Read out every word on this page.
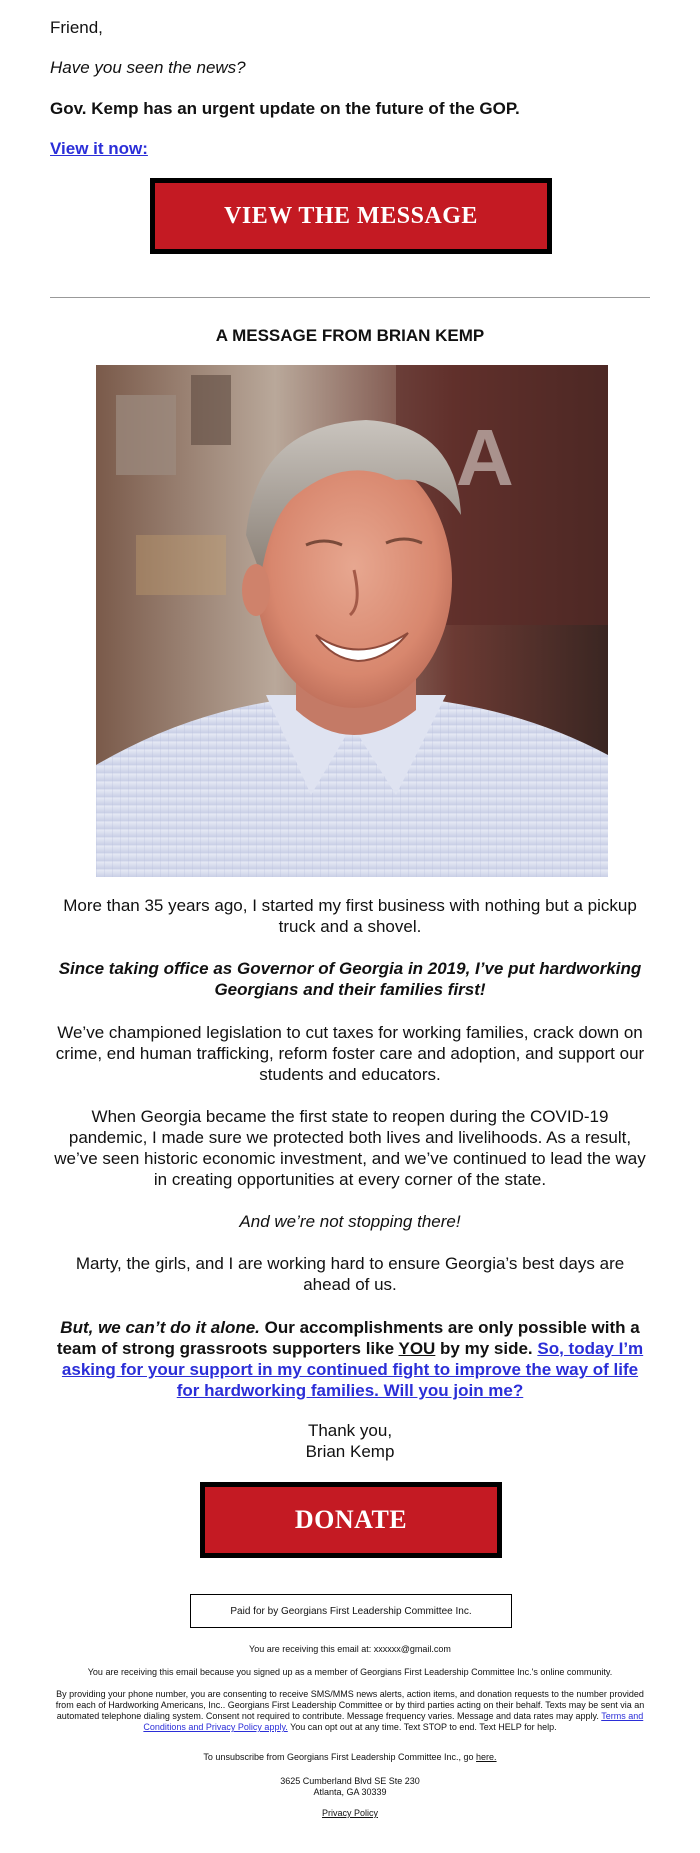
Friend,

Have you seen the news?

Gov. Kemp has an urgent update on the future of the GOP.

View it now:
VIEW THE MESSAGE

A MESSAGE FROM BRIAN KEMP

A

More than 35 years ago, I started my first business with nothing but a pickup truck and a shovel.

Since taking office as Governor of Georgia in 2019, I’ve put hardworking Georgians and their families first!

We’ve championed legislation to cut taxes for working families, crack down on crime, end human trafficking, reform foster care and adoption, and support our students and educators.

When Georgia became the first state to reopen during the COVID-19 pandemic, I made sure we protected both lives and livelihoods. As a result, we’ve seen historic economic investment, and we’ve continued to lead the way in creating opportunities at every corner of the state.

And we’re not stopping there!

Marty, the girls, and I are working hard to ensure Georgia’s best days are ahead of us.

But, we can’t do it alone. Our accomplishments are only possible with a team of strong grassroots supporters like YOU by my side. So, today I’m asking for your support in my continued fight to improve the way of life for hardworking families. Will you join me?

Thank you,
Brian Kemp

DONATE
Paid for by Georgians First Leadership Committee Inc.

You are receiving this email at: xxxxxx@gmail.com

You are receiving this email because you signed up as a member of Georgians First Leadership Committee Inc.'s online community.

By providing your phone number, you are consenting to receive SMS/MMS news alerts, action items, and donation requests to the number provided from each of Hardworking Americans, Inc.. Georgians First Leadership Committee or by third parties acting on their behalf. Texts may be sent via an automated telephone dialing system. Consent not required to contribute. Message frequency varies. Message and data rates may apply. Terms and Conditions and Privacy Policy apply. You can opt out at any time. Text STOP to end. Text HELP for help.

To unsubscribe from Georgians First Leadership Committee Inc., go here.

3625 Cumberland Blvd SE Ste 230
Atlanta, GA 30339

Privacy Policy
